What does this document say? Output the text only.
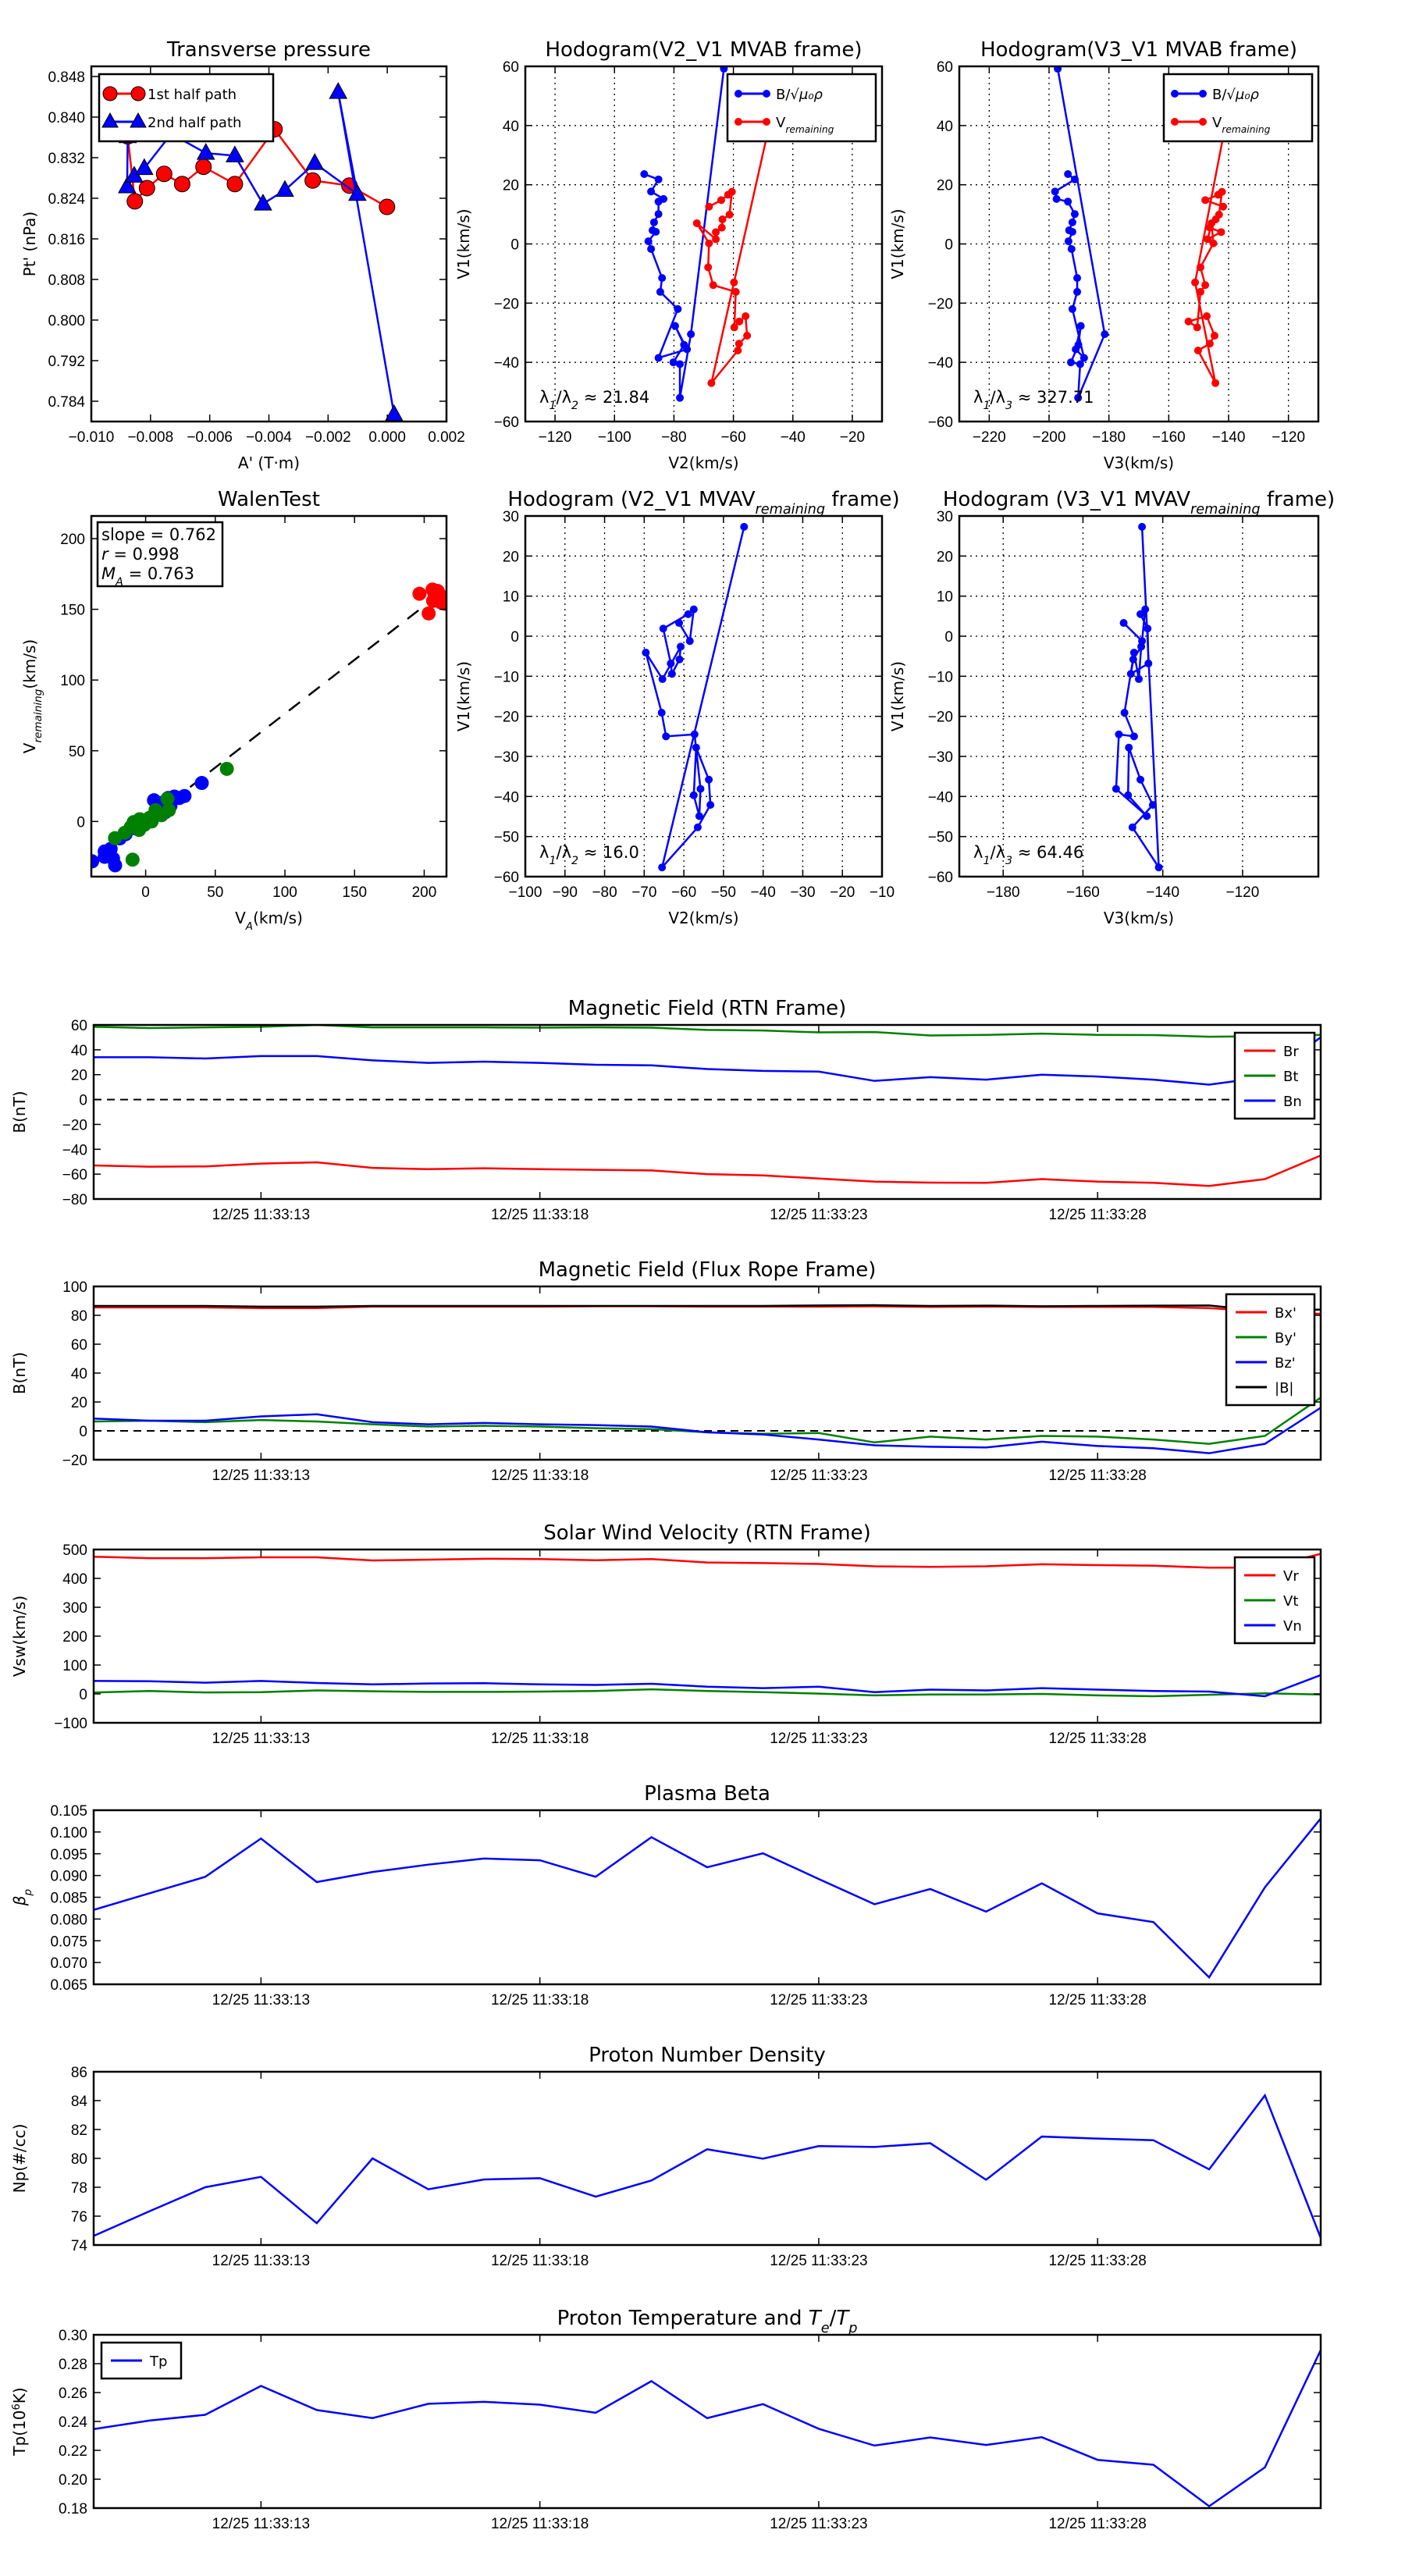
−0.010 −0.008 −0.006 −0.004 −0.002 0.000 0.002
0.784
0.792
0.800
0.808
0.816
0.824
0.832
0.840
0.848
Transverse pressure
A' (T·m)
Pt' (nPa)
1st half path
2nd half path
−120 −100 −80 −60 −40 −20
−60
−40
−20
0
20
40
60
Hodogram(V2_V1 MVAB frame)
V2(km/s)
V1(km/s)
B/√μ₀ρ
$V_{remaining}$
$\lambda_1/\lambda_2 \approx 21.84$
−220 −200 −180 −160 −140 −120
−60
−40
−20
0
20
40
60
Hodogram(V3_V1 MVAB frame)
V3(km/s)
V1(km/s)
B/√μ₀ρ
$V_{remaining}$
$\lambda_1/\lambda_3 \approx 327.71$
0	50	100	150	200
0
50
100
150
200
WalenTest
$V_A(km/s)$
$V_{remaining}(km/s)$
slope = 0.762
r = 0.998
$M_A = 0.763$
−100 −90 −80 −70 −60 −50 −40 −30 −20 −10
−60
−50
−40
−30
−20
−10
0
10
20
30
Hodogram (V2_V1 $MVAV_{remaining}$ frame)
V2(km/s)
V1(km/s)
$\lambda_1/\lambda_2 \approx 16.0$
−180	−160	−140	−120
−60
−50
−40
−30
−20
−10
0
10
20
30
Hodogram (V3_V1 $MVAV_{remaining}$ frame)
V3(km/s)
V1(km/s)
$\lambda_1/\lambda_3 \approx 64.46$
12/25 11:33:13	12/25 11:33:18	12/25 11:33:23	12/25 11:33:28
−80
−60
−40
−20
0
20
40
60
Magnetic Field (RTN Frame)
B(nT)
Br
Bt
Bn
12/25 11:33:13	12/25 11:33:18	12/25 11:33:23	12/25 11:33:28
−20
0
20
40
60
80
100
Magnetic Field (Flux Rope Frame)
B(nT)
Bx'
By'
Bz'
|B|
12/25 11:33:13	12/25 11:33:18	12/25 11:33:23	12/25 11:33:28
−100
0
100
200
300
400
500
Solar Wind Velocity (RTN Frame)
Vsw(km/s)
Vr
Vt
Vn
12/25 11:33:13	12/25 11:33:18	12/25 11:33:23	12/25 11:33:28
0.065
0.070
0.075
0.080
0.085
0.090
0.095
0.100
0.105
Plasma Beta
$\beta_p$
12/25 11:33:13	12/25 11:33:18	12/25 11:33:23	12/25 11:33:28
74
76
78
80
82
84
86
Proton Number Density
Np(#/cc)
12/25 11:33:13	12/25 11:33:18	12/25 11:33:23	12/25 11:33:28
0.18
0.20
0.22
0.24
0.26
0.28
0.30
Proton Temperature and $T_e/T_p$
$Tp(10^6K)$
Tp
